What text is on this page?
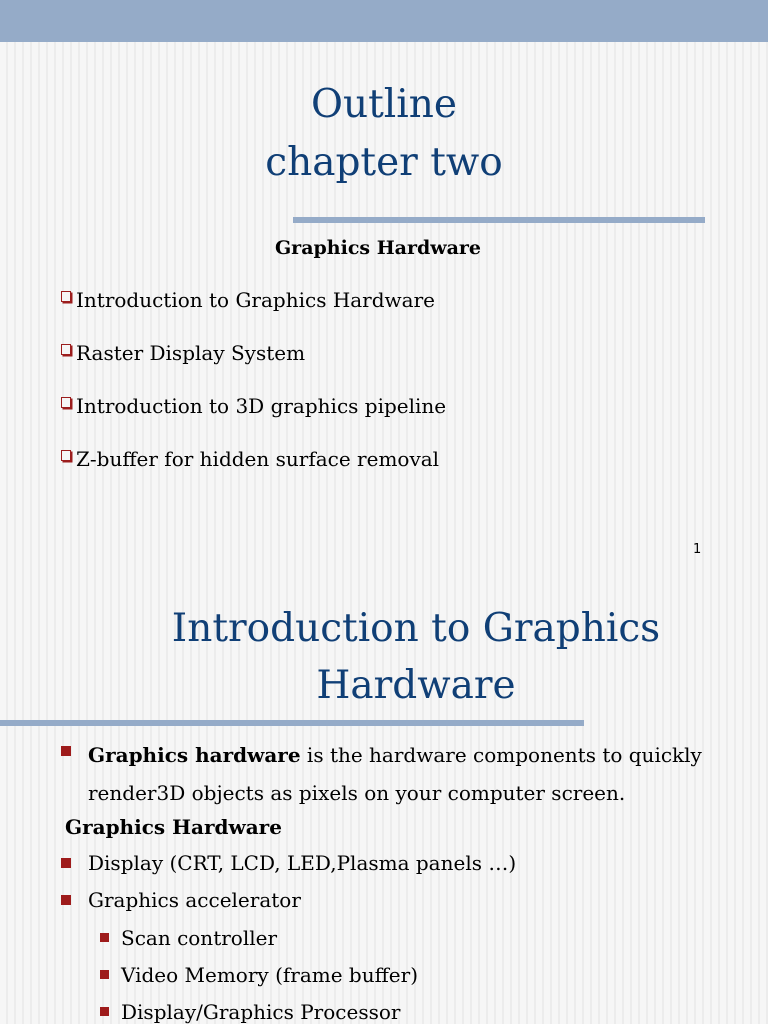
Outline
chapter two

Graphics Hardware

Introduction to Graphics Hardware
Raster Display System
Introduction to 3D graphics pipeline
Z-buffer for hidden surface removal
1
Introduction to Graphics
Hardware
Graphics hardware is the hardware components to quickly
render3D objects as pixels on your computer screen.
Graphics Hardware
Display (CRT, LCD, LED,Plasma panels …)
Graphics accelerator
Scan controller
Video Memory (frame buffer)
Display/Graphics Processor
